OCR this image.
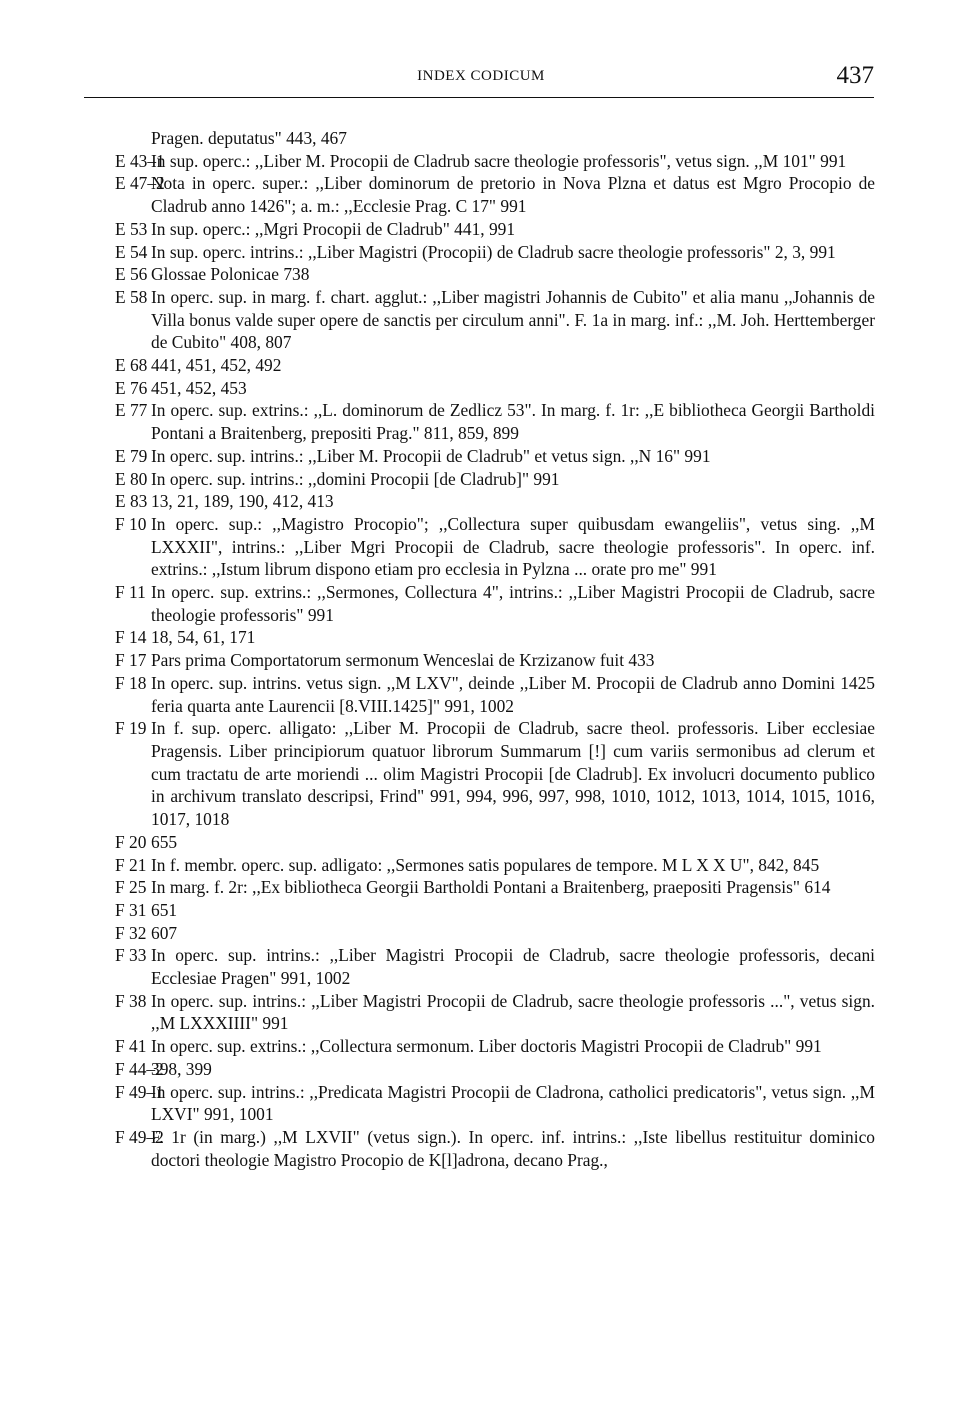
INDEX CODICUM	437
Pragen. deputatus" 443, 467
E 43–1
In sup. operc.: ,,Liber M. Procopii de Cladrub sacre theologie professoris", vetus sign. ,,M 101" 991
E 47–2
Nota in operc. super.: ,,Liber dominorum de pretorio in Nova Plzna et datus est Mgro Procopio de Cladrub anno 1426"; a. m.: ,,Ecclesie Prag. C 17" 991
E 53 In sup. operc.: ,,Mgri Procopii de Cladrub" 441, 991
E 54 In sup. operc. intrins.: ,,Liber Magistri (Procopii) de Cladrub sacre theologie professoris" 2, 3, 991
E 56 Glossae Polonicae 738
E 58 In operc. sup. in marg. f. chart. agglut.: ,,Liber magistri Johannis de Cubito" et alia manu ,,Johannis de Villa bonus valde super opere de sanctis per circulum anni". F. 1a in marg. inf.: ,,M. Joh. Herttemberger de Cubito" 408, 807
E 68 441, 451, 452, 492
E 76 451, 452, 453
E 77 In operc. sup. extrins.: ,,L. dominorum de Zedlicz 53". In marg. f. 1r: ,,E bibliotheca Georgii Bartholdi Pontani a Braitenberg, prepositi Prag." 811, 859, 899
E 79 In operc. sup. intrins.: ,,Liber M. Procopii de Cladrub" et vetus sign. ,,N 16" 991
E 80 In operc. sup. intrins.: ,,domini Procopii [de Cladrub]" 991
E 83 13, 21, 189, 190, 412, 413
F 10 In operc. sup.: ,,Magistro Procopio"; ,,Collectura super quibusdam ewangeliis", vetus sing. ,,M LXXXII", intrins.: ,,Liber Mgri Procopii de Cladrub, sacre theologie professoris". In operc. inf. extrins.: ,,Istum librum dispono etiam pro ecclesia in Pylzna ... orate pro me" 991
F 11 In operc. sup. extrins.: ,,Sermones, Collectura 4", intrins.: ,,Liber Magistri Procopii de Cladrub, sacre theologie professoris" 991
F 14 18, 54, 61, 171
F 17 Pars prima Comportatorum sermonum Wenceslai de Krzizanow fuit 433
F 18 In operc. sup. intrins. vetus sign. ,,M LXV", deinde ,,Liber M. Procopii de Cladrub anno Domini 1425 feria quarta ante Laurencii [8.VIII.1425]" 991, 1002
F 19 In f. sup. operc. alligato: ,,Liber M. Procopii de Cladrub, sacre theol. professoris. Liber ecclesiae Pragensis. Liber principiorum quatuor librorum Summarum [!] cum variis sermonibus ad clerum et cum tractatu de arte moriendi ... olim Magistri Procopii [de Cladrub]. Ex involucri documento publico in archivum translato descripsi, Frind" 991, 994, 996, 997, 998, 1010, 1012, 1013, 1014, 1015, 1016, 1017, 1018
F 20 655
F 21 In f. membr. operc. sup. adligato: ,,Sermones satis populares de tempore. M L X X U", 842, 845
F 25 In marg. f. 2r: ,,Ex bibliotheca Georgii Bartholdi Pontani a Braitenberg, praepositi Pragensis" 614
F 31 651
F 32 607
F 33 In operc. sup. intrins.: ,,Liber Magistri Procopii de Cladrub, sacre theologie professoris, decani Ecclesiae Pragen" 991, 1002
F 38 In operc. sup. intrins.: ,,Liber Magistri Procopii de Cladrub, sacre theologie professoris ...", vetus sign. ,,M LXXXIIII" 991
F 41 In operc. sup. extrins.: ,,Collectura sermonum. Liber doctoris Magistri Procopii de Cladrub" 991
F 44–2
398, 399
F 49–1
In operc. sup. intrins.: ,,Predicata Magistri Procopii de Cladrona, catholici predicatoris", vetus sign. ,,M LXVI" 991, 1001
F 49–2
F. 1r (in marg.) ,,M LXVII" (vetus sign.). In operc. inf. intrins.: ,,Iste libellus restituitur dominico doctori theologie Magistro Procopio de K[l]adrona, decano Prag.,
